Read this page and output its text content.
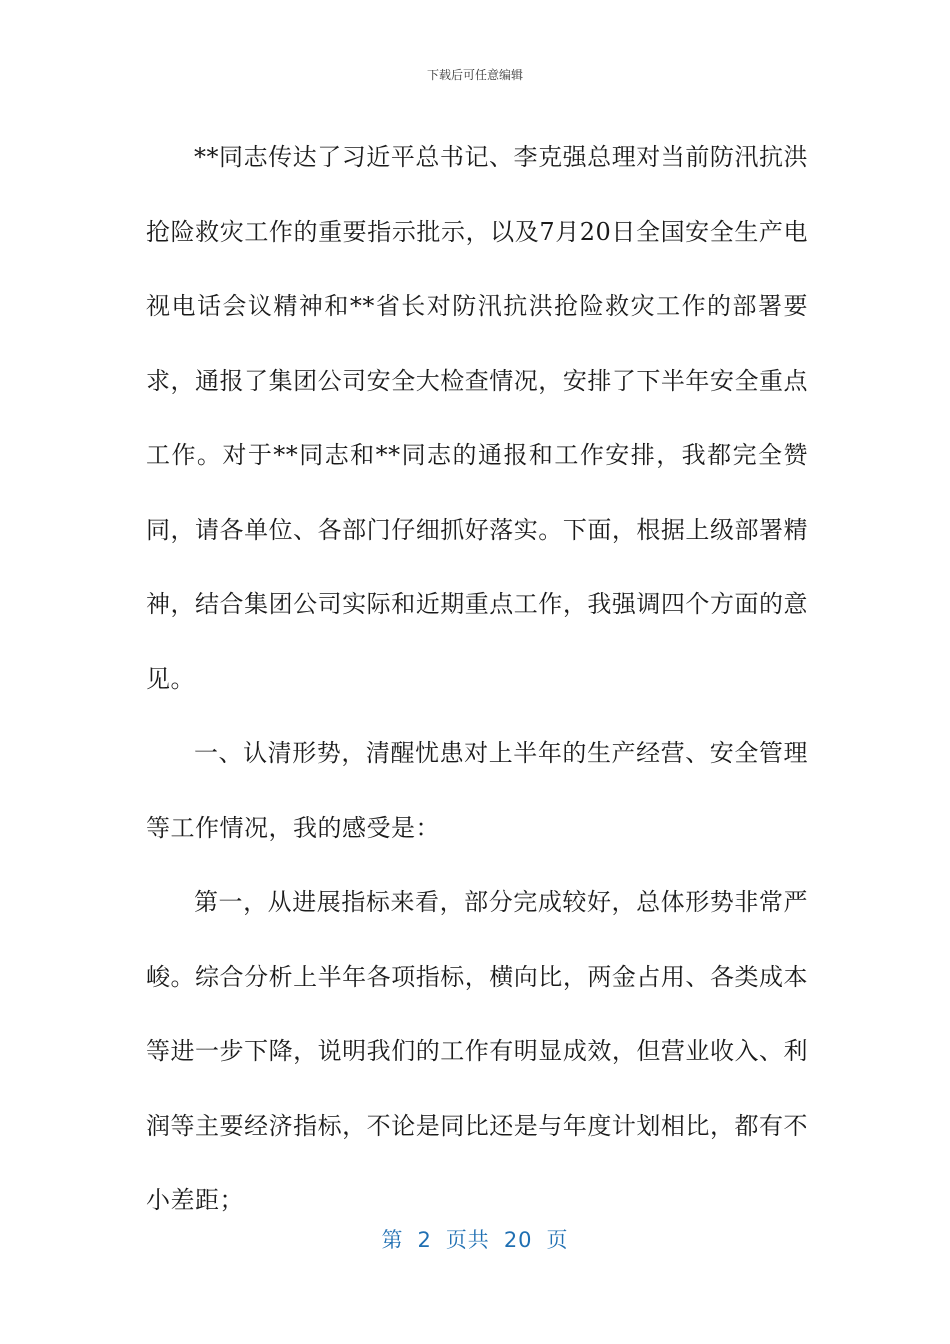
下载后可任意编辑

**同志传达了习近平总书记、李克强总理对当前防汛抗洪抢险救灾工作的重要指示批示，以及7月20日全国安全生产电视电话会议精神和**省长对防汛抗洪抢险救灾工作的部署要求，通报了集团公司安全大检查情况，安排了下半年安全重点工作。对于**同志和**同志的通报和工作安排，我都完全赞同，请各单位、各部门仔细抓好落实。下面，根据上级部署精神，结合集团公司实际和近期重点工作，我强调四个方面的意见。

一、认清形势，清醒忧患对上半年的生产经营、安全管理等工作情况，我的感受是：

第一，从进展指标来看，部分完成较好，总体形势非常严峻。综合分析上半年各项指标，横向比，两金占用、各类成本等进一步下降，说明我们的工作有明显成效，但营业收入、利润等主要经济指标，不论是同比还是与年度计划相比，都有不小差距；

第 2 页共 20 页
